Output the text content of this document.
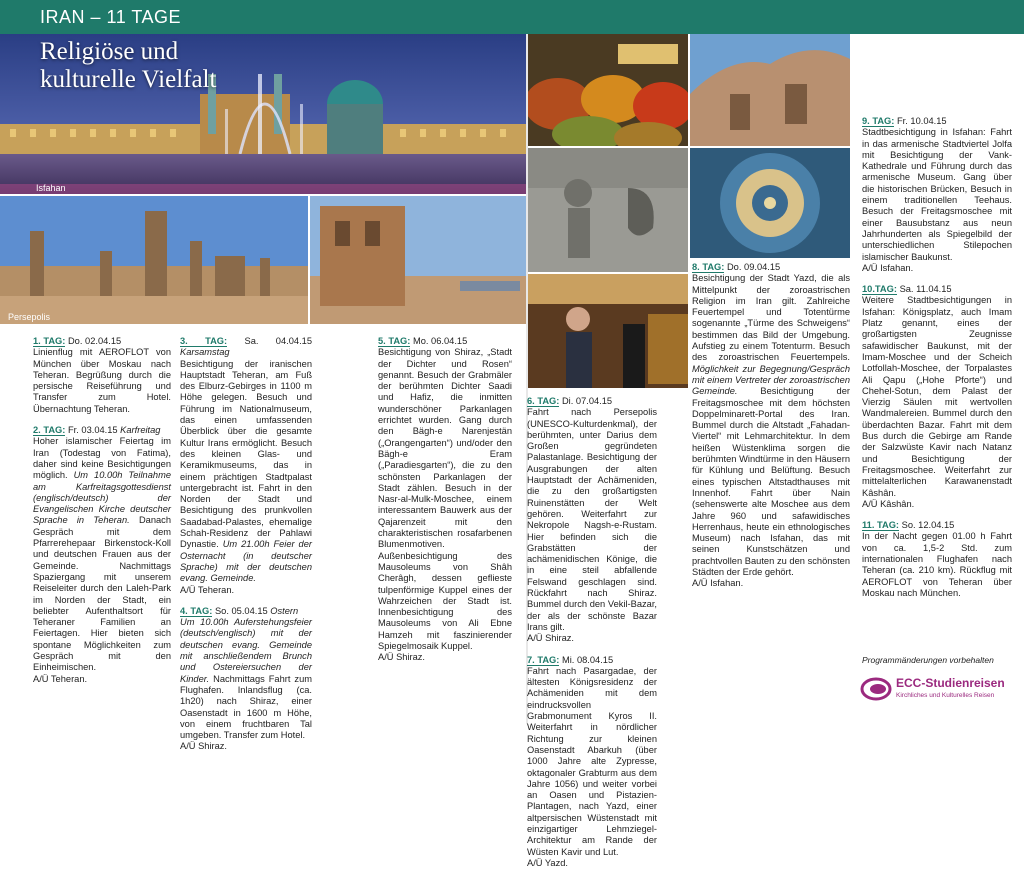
IRAN – 11 TAGE
Religiöse und
kulturelle Vielfalt
Isfahan
Persepolis

1. TAG: Do. 02.04.15
Linienflug mit AEROFLOT von München über Moskau nach Teheran. Begrüßung durch die persische Reiseführung und Transfer zum Hotel. Übernachtung Teheran.

2. TAG: Fr. 03.04.15 Karfreitag
Hoher islamischer Feiertag im Iran (Todestag von Fatima), daher sind keine Besichtigungen möglich. Um 10.00h Teilnahme am Karfreitagsgottesdienst (englisch/deutsch) der Evangelischen Kirche deutscher Sprache in Teheran. Danach Gespräch mit dem Pfarrerehepaar Birkenstock-Koll und deutschen Frauen aus der Gemeinde. Nachmittags Spaziergang mit unserem Reiseleiter durch den Laleh-Park im Norden der Stadt, ein beliebter Aufenthaltsort für Teheraner Familien an Feiertagen. Hier bieten sich spontane Möglichkeiten zum Gespräch mit den Einheimischen.
A/Ü Teheran.

3. TAG: Sa. 04.04.15 Karsamstag
Besichtigung der iranischen Hauptstadt Teheran, am Fuß des Elburz-Gebirges in 1100 m Höhe gelegen. Besuch und Führung im Nationalmuseum, das einen umfassenden Überblick über die gesamte Kultur Irans ermöglicht. Besuch des kleinen Glas- und Keramikmuseums, das in einem prächtigen Stadtpalast untergebracht ist. Fahrt in den Norden der Stadt und Besichtigung des prunkvollen Saadabad-Palastes, ehemalige Schah-Residenz der Pahlawi Dynastie. Um 21.00h Feier der Osternacht (in deutscher Sprache) mit der deutschen evang. Gemeinde.
A/Ü Teheran.

4. TAG: So. 05.04.15 Ostern
Um 10.00h Auferstehungsfeier (deutsch/englisch) mit der deutschen evang. Gemeinde mit anschließendem Brunch und Ostereiersuchen der Kinder. Nachmittags Fahrt zum Flughafen. Inlandsflug (ca. 1h20) nach Shiraz, einer Oasenstadt in 1600 m Höhe, von einem fruchtbaren Tal umgeben. Transfer zum Hotel.
A/Ü Shiraz.

5. TAG: Mo. 06.04.15
Besichtigung von Shiraz, „Stadt der Dichter und Rosen“ genannt. Besuch der Grabmäler der berühmten Dichter Saadi und Hafiz, die inmitten wunderschöner Parkanlagen errichtet wurden. Gang durch den Bägh-e Narenjestän („Orangengarten“) und/oder den Bägh-e Eram („Paradiesgarten“), die zu den schönsten Parkanlagen der Stadt zählen. Besuch in der Nasr-al-Mulk-Moschee, einem interessantem Bauwerk aus der Qajarenzeit mit den charakteristischen rosafarbenen Blumenmotiven. Außenbesichtigung des Mausoleums von Shâh Cherâgh, dessen geflieste tulpenförmige Kuppel eines der Wahrzeichen der Stadt ist. Innenbesichtigung des Mausoleums von Ali Ebne Hamzeh mit faszinierender Spiegelmosaik Kuppel.
A/Ü Shiraz.

6. TAG: Di. 07.04.15
Fahrt nach Persepolis (UNESCO-Kulturdenkmal), der berühmten, unter Darius dem Großen gegründeten Palastanlage. Besichtigung der Ausgrabungen der alten Hauptstadt der Achämeniden, die zu den großartigsten Ruinenstätten der Welt gehören. Weiterfahrt zur Nekropole Nagsh-e-Rustam. Hier befinden sich die Grabstätten der achämenidischen Könige, die in eine steil abfallende Felswand geschlagen sind. Rückfahrt nach Shiraz. Bummel durch den Vekil-Bazar, der als der schönste Bazar Irans gilt.
A/Ü Shiraz.

7. TAG: Mi. 08.04.15
Fahrt nach Pasargadae, der ältesten Königsresidenz der Achämeniden mit dem eindrucksvollen Grabmonument Kyros II. Weiterfahrt in nördlicher Richtung zur kleinen Oasenstadt Abarkuh (über 1000 Jahre alte Zypresse, oktagonaler Grabturm aus dem Jahre 1056) und weiter vorbei an Oasen und Pistazien-Plantagen, nach Yazd, einer altpersischen Wüstenstadt mit einzigartiger Lehmziegel-Architektur am Rande der Wüsten Kavir und Lut.
A/Ü Yazd.

8. TAG: Do. 09.04.15
Besichtigung der Stadt Yazd, die als Mittelpunkt der zoroastrischen Religion im Iran gilt. Zahlreiche Feuertempel und Totentürme sogenannte „Türme des Schweigens“ bestimmen das Bild der Umgebung. Aufstieg zu einem Totenturm. Besuch des zoroastrischen Feuertempels. Möglichkeit zur Begegnung/Gespräch mit einem Vertreter der zoroastrischen Gemeinde. Besichtigung der Freitagsmoschee mit dem höchsten Doppelminarett-Portal des Iran. Bummel durch die Altstadt „Fahadan-Viertel“ mit Lehmarchitektur. In dem heißen Wüstenklima sorgen die berühmten Windtürme in den Häusern für Kühlung und Belüftung. Besuch eines typischen Altstadthauses mit Innenhof. Fahrt über Nain (sehenswerte alte Moschee aus dem Jahre 960 und safawidisches Herrenhaus, heute ein ethnologisches Museum) nach Isfahan, das mit seinen Kunstschätzen und prachtvollen Bauten zu den schönsten Städten der Erde gehört.
A/Ü Isfahan.

9. TAG: Fr. 10.04.15
Stadtbesichtigung in Isfahan: Fahrt in das armenische Stadtviertel Jolfa mit Besichtigung der Vank-Kathedrale und Führung durch das armenische Museum. Gang über die historischen Brücken, Besuch in einem traditionellen Teehaus. Besuch der Freitagsmoschee mit einer Bausubstanz aus neun Jahrhunderten als Spiegelbild der unterschiedlichen Stilepochen islamischer Baukunst.
A/Ü Isfahan.

10.TAG: Sa. 11.04.15
Weitere Stadtbesichtigungen in Isfahan: Königsplatz, auch Imam Platz genannt, eines der großartigsten Zeugnisse safawidischer Baukunst, mit der Imam-Moschee und der Scheich Lotfollah-Moschee, der Torpalastes Ali Qapu („Hohe Pforte“) und Chehel-Sotun, dem Palast der Vierzig Säulen mit wertvollen Wandmalereien. Bummel durch den überdachten Bazar. Fahrt mit dem Bus durch die Gebirge am Rande der Salzwüste Kavir nach Natanz und Besichtigung der Freitagsmoschee. Weiterfahrt zur mittelalterlichen Karawanenstadt Kâshân.
A/Ü Kâshân.

11. TAG: So. 12.04.15
In der Nacht gegen 01.00 h Fahrt von ca. 1,5-2 Std. zum internationalen Flughafen nach Teheran (ca. 210 km). Rückflug mit AEROFLOT von Teheran über Moskau nach München.

Programmänderungen vorbehalten
ECC-Studienreisen
Kirchliches und Kulturelles Reisen
